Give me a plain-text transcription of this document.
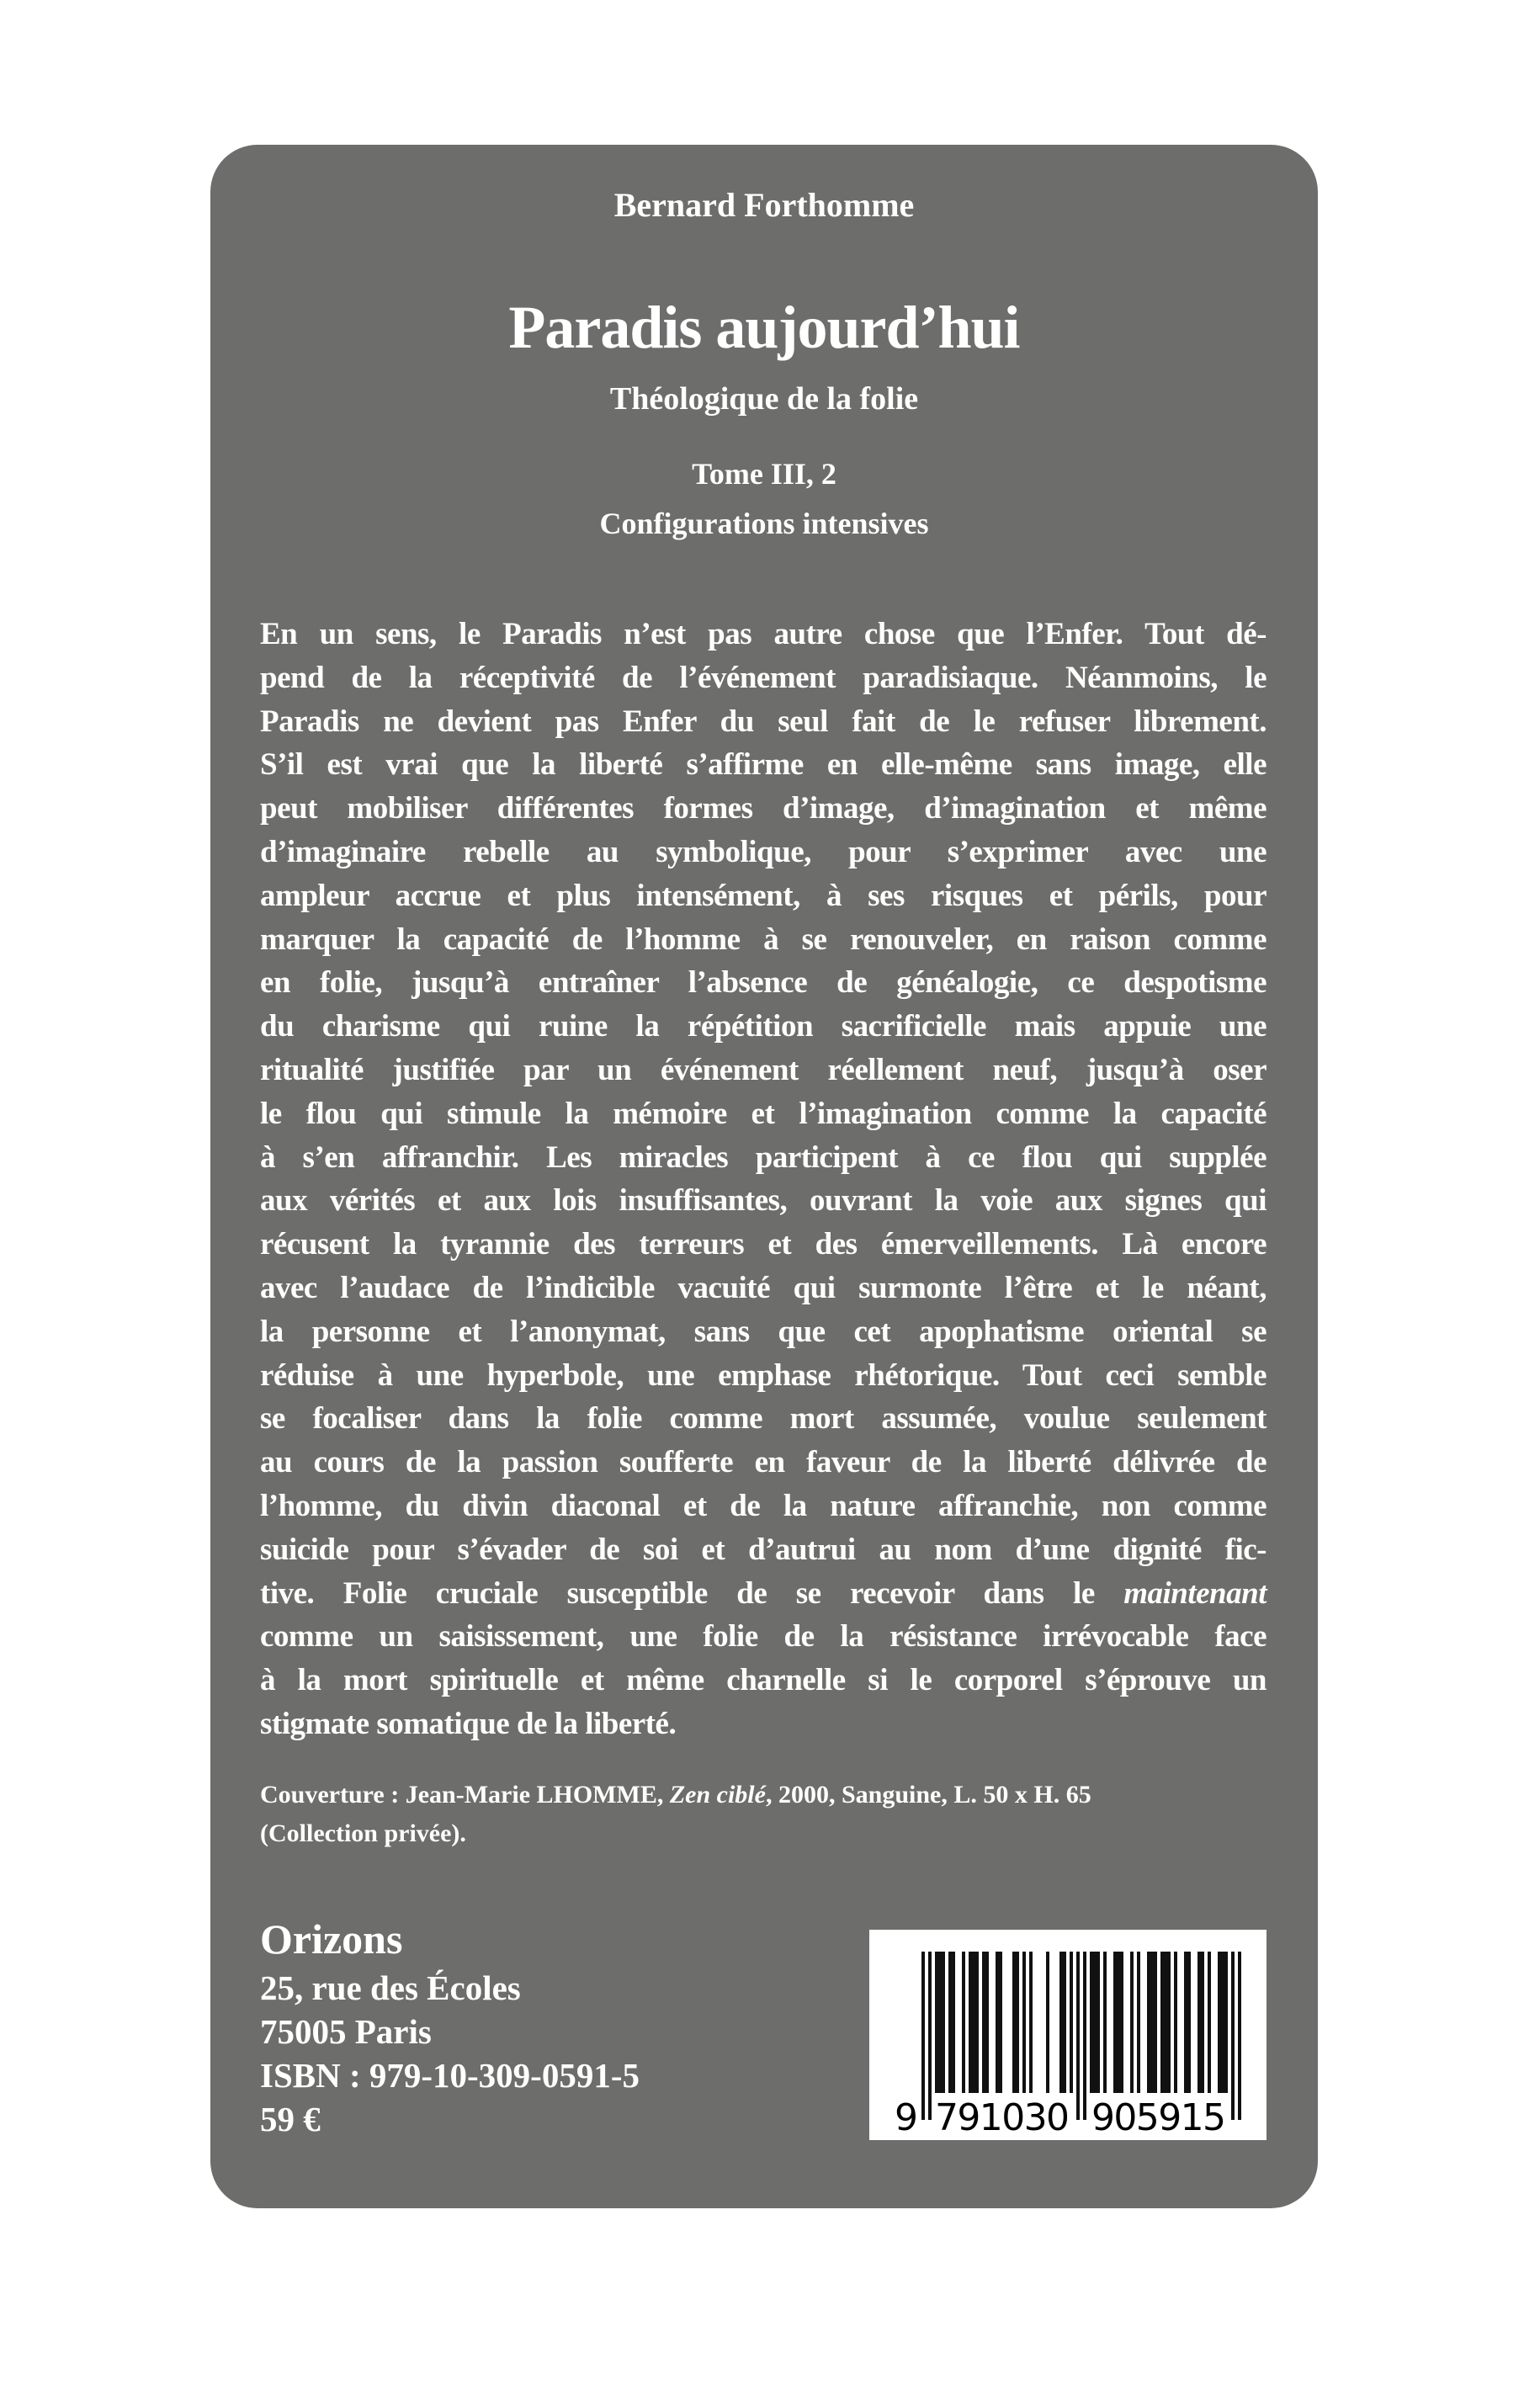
Bernard Forthomme
Paradis aujourd’hui
Théologique de la folie
Tome III, 2
Configurations intensives
En un sens, le Paradis n’est pas autre chose que l’Enfer. Tout dé-
pend de la réceptivité de l’événement paradisiaque. Néanmoins, le
Paradis ne devient pas Enfer du seul fait de le refuser librement.
S’il est vrai que la liberté s’affirme en elle-même sans image, elle
peut mobiliser différentes formes d’image, d’imagination et même
d’imaginaire rebelle au symbolique, pour s’exprimer avec une
ampleur accrue et plus intensément, à ses risques et périls, pour
marquer la capacité de l’homme à se renouveler, en raison comme
en folie, jusqu’à entraîner l’absence de généalogie, ce despotisme
du charisme qui ruine la répétition sacrificielle mais appuie une
ritualité justifiée par un événement réellement neuf, jusqu’à oser
le flou qui stimule la mémoire et l’imagination comme la capacité
à s’en affranchir. Les miracles participent à ce flou qui supplée
aux vérités et aux lois insuffisantes, ouvrant la voie aux signes qui
récusent la tyrannie des terreurs et des émerveillements. Là encore
avec l’audace de l’indicible vacuité qui surmonte l’être et le néant,
la personne et l’anonymat, sans que cet apophatisme oriental se
réduise à une hyperbole, une emphase rhétorique. Tout ceci semble
se focaliser dans la folie comme mort assumée, voulue seulement
au cours de la passion soufferte en faveur de la liberté délivrée de
l’homme, du divin diaconal et de la nature affranchie, non comme
suicide pour s’évader de soi et d’autrui au nom d’une dignité fic-
tive. Folie cruciale susceptible de se recevoir dans le maintenant
comme un saisissement, une folie de la résistance irrévocable face
à la mort spirituelle et même charnelle si le corporel s’éprouve un
stigmate somatique de la liberté.
Couverture : Jean-Marie LHOMME, Zen ciblé, 2000, Sanguine, L. 50 x H. 65
(Collection privée).
Orizons
25, rue des Écoles
75005 Paris
ISBN : 979-10-309-0591-5
59 €	9 791030 905915
